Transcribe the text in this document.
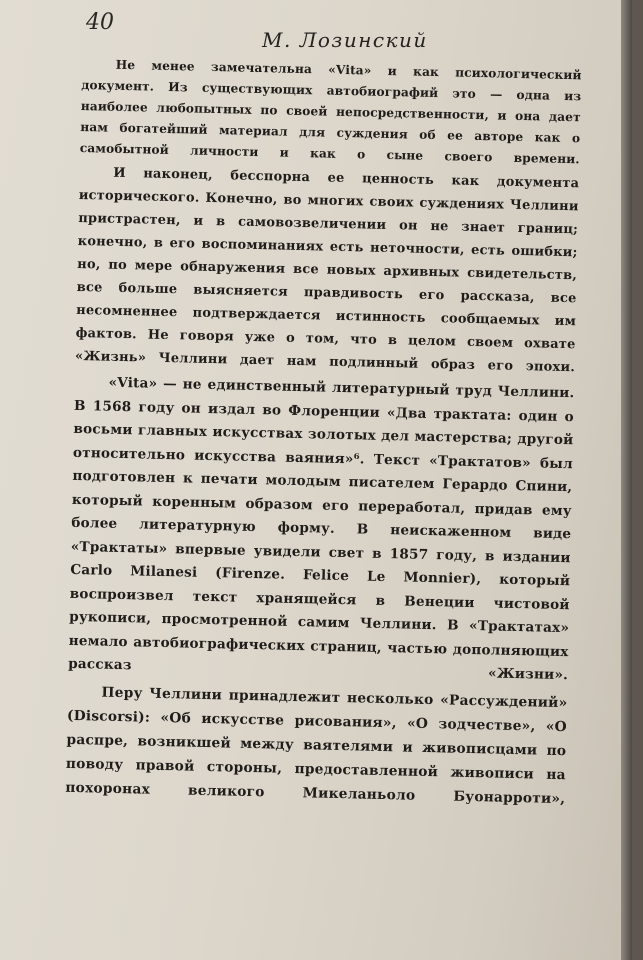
40
М. Лозинский

Не менее замечательна «Vita» и как психологический документ. Из существующих автобиографий это — одна из наиболее любопытных по своей непосредственности, и она дает нам богатейший материал для суждения об ее авторе как о самобытной личности и как о сыне своего времени.

И наконец, бесспорна ее ценность как документа исторического. Конечно, во многих своих суждениях Челлини пристрастен, и в самовозвеличении он не знает границ; конечно, в его воспоминаниях есть неточности, есть ошибки; но, по мере обнаружения все новых архивных свидетельств, все больше выясняется правдивость его рассказа, все несомненнее подтверждается истинность сообщаемых им фактов. Не говоря уже о том, что в целом своем охвате «Жизнь» Челлини дает нам подлинный образ его эпохи.

«Vita» — не единственный литературный труд Челлини. В 1568 году он издал во Флоренции «Два трактата: один о восьми главных искусствах золотых дел мастерства; другой относительно искусства ваяния»⁶. Текст «Трактатов» был подготовлен к печати молодым писателем Герардо Спини, который коренным образом его переработал, придав ему более литературную форму. В неискаженном виде «Трактаты» впервые увидели свет в 1857 году, в издании Carlo Milanesi (Firenze. Felice Le Monnier), который воспроизвел текст хранящейся в Венеции чистовой рукописи, просмотренной самим Челлини. В «Трактатах» немало автобиографических страниц, частью дополняющих рассказ «Жизни».

Перу Челлини принадлежит несколько «Рассуждений» (Discorsi): «Об искусстве рисования», «О зодчестве», «О распре, возникшей между ваятелями и живописцами по поводу правой стороны, предоставленной живописи на похоронах великого Микеланьоло Буонарроти»,
